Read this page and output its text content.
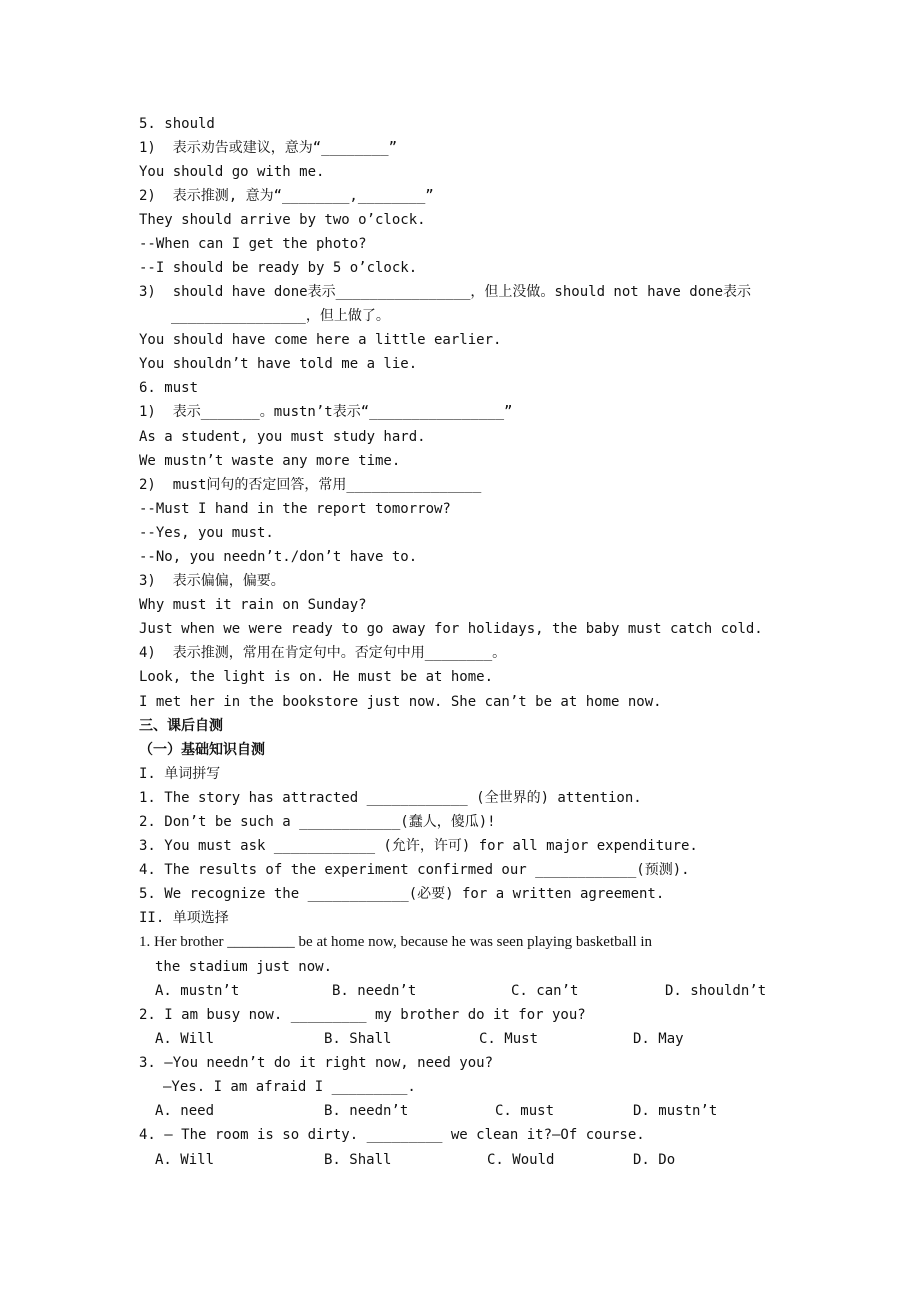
5. should
1)  表示劝告或建议，意为“________”
You should go with me.
2)  表示推测, 意为“________,________”
They should arrive by two o’clock.
--When can I get the photo?
--I should be ready by 5 o’clock.
3)  should have done表示________________，但上没做。should not have done表示
________________，但上做了。
You should have come here a little earlier.
You shouldn’t have told me a lie.
6. must
1)  表示_______。mustn’t表示“________________”
As a student, you must study hard.
We mustn’t waste any more time.
2)  must问句的否定回答，常用________________
--Must I hand in the report tomorrow?
--Yes, you must.
--No, you needn’t./don’t have to.
3)  表示偏偏，偏要。
Why must it rain on Sunday?
Just when we were ready to go away for holidays, the baby must catch cold.
4)  表示推测，常用在肯定句中。否定句中用________。
Look, the light is on. He must be at home.
I met her in the bookstore just now. She can’t be at home now.
三、课后自测
（一）基础知识自测
I. 单词拼写
1. The story has attracted ____________ (全世界的) attention.
2. Don’t be such a ____________(蠢人，傻瓜)!
3. You must ask ____________ (允许，许可) for all major expenditure.
4. The results of the experiment confirmed our ____________(预测).
5. We recognize the ____________(必要) for a written agreement.
II. 单项选择
1. Her brother _________ be at home now, because he was seen playing basketball in
the stadium just now.
A. mustn’t	B. needn’t	C. can’t	D. shouldn’t
2. I am busy now. _________ my brother do it for you?
A. Will	B. Shall	C. Must	D. May
3. —You needn’t do it right now, need you?
—Yes. I am afraid I _________.
A. need	B. needn’t	C. must	D. mustn’t
4. – The room is so dirty. _________ we clean it?—Of course.
A. Will	B. Shall	C. Would	D. Do
